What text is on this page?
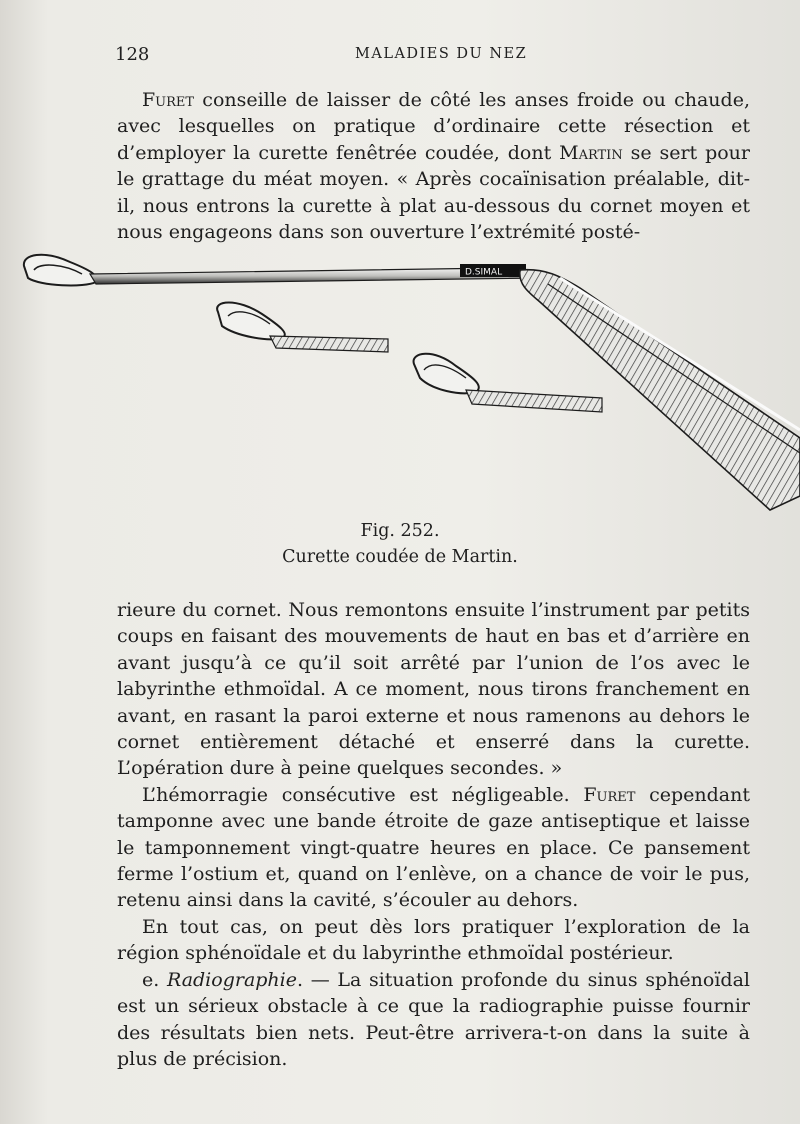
128	MALADIES DU NEZ

Furet conseille de laisser de côté les anses froide ou chaude, avec lesquelles on pratique d’ordinaire cette résection et d’employer la curette fenêtrée coudée, dont Martin se sert pour le grattage du méat moyen. « Après cocaïnisation préalable, dit-il, nous entrons la curette à plat au-dessous du cornet moyen et nous engageons dans son ouverture l’extrémité posté-

D.SIMAL
Fig. 252.
Curette coudée de Martin.

rieure du cornet. Nous remontons ensuite l’instrument par petits coups en faisant des mouvements de haut en bas et d’arrière en avant jusqu’à ce qu’il soit arrêté par l’union de l’os avec le labyrinthe ethmoïdal. A ce moment, nous tirons franchement en avant, en rasant la paroi externe et nous ramenons au dehors le cornet entièrement détaché et enserré dans la curette. L’opération dure à peine quelques secondes. »

L’hémorragie consécutive est négligeable. Furet cependant tamponne avec une bande étroite de gaze antiseptique et laisse le tamponnement vingt-quatre heures en place. Ce pansement ferme l’ostium et, quand on l’enlève, on a chance de voir le pus, retenu ainsi dans la cavité, s’écouler au dehors.

En tout cas, on peut dès lors pratiquer l’exploration de la région sphénoïdale et du labyrinthe ethmoïdal postérieur.

e. Radiographie. — La situation profonde du sinus sphénoïdal est un sérieux obstacle à ce que la radiographie puisse fournir des résultats bien nets. Peut-être arrivera-t-on dans la suite à plus de précision.
